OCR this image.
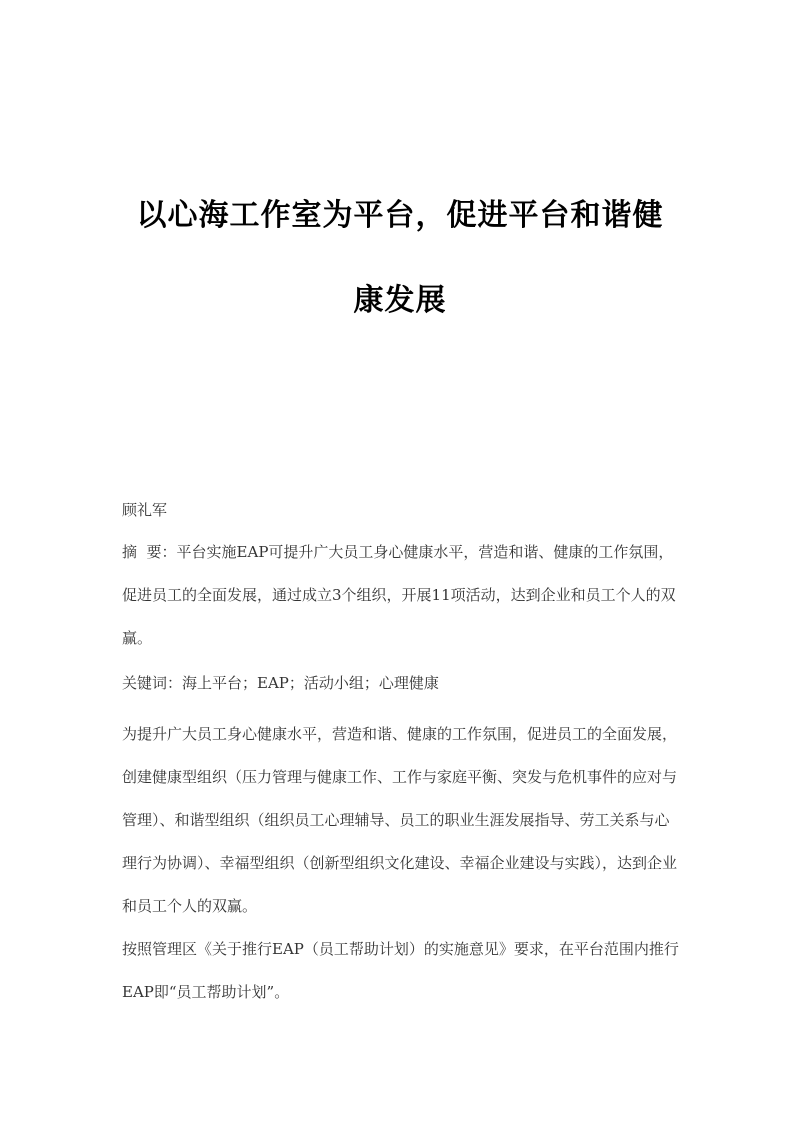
以心海工作室为平台，促进平台和谐健
康发展

顾礼军

摘  要：平台实施EAP可提升广大员工身心健康水平，营造和谐、健康的工作氛围，促进员工的全面发展，通过成立3个组织，开展11项活动，达到企业和员工个人的双赢。

关键词：海上平台；EAP；活动小组；心理健康

为提升广大员工身心健康水平，营造和谐、健康的工作氛围，促进员工的全面发展，创建健康型组织（压力管理与健康工作、工作与家庭平衡、突发与危机事件的应对与管理）、和谐型组织（组织员工心理辅导、员工的职业生涯发展指导、劳工关系与心理行为协调）、幸福型组织（创新型组织文化建设、幸福企业建设与实践），达到企业和员工个人的双赢。

按照管理区《关于推行EAP（员工帮助计划）的实施意见》要求，在平台范围内推行EAP即“员工帮助计划”。
